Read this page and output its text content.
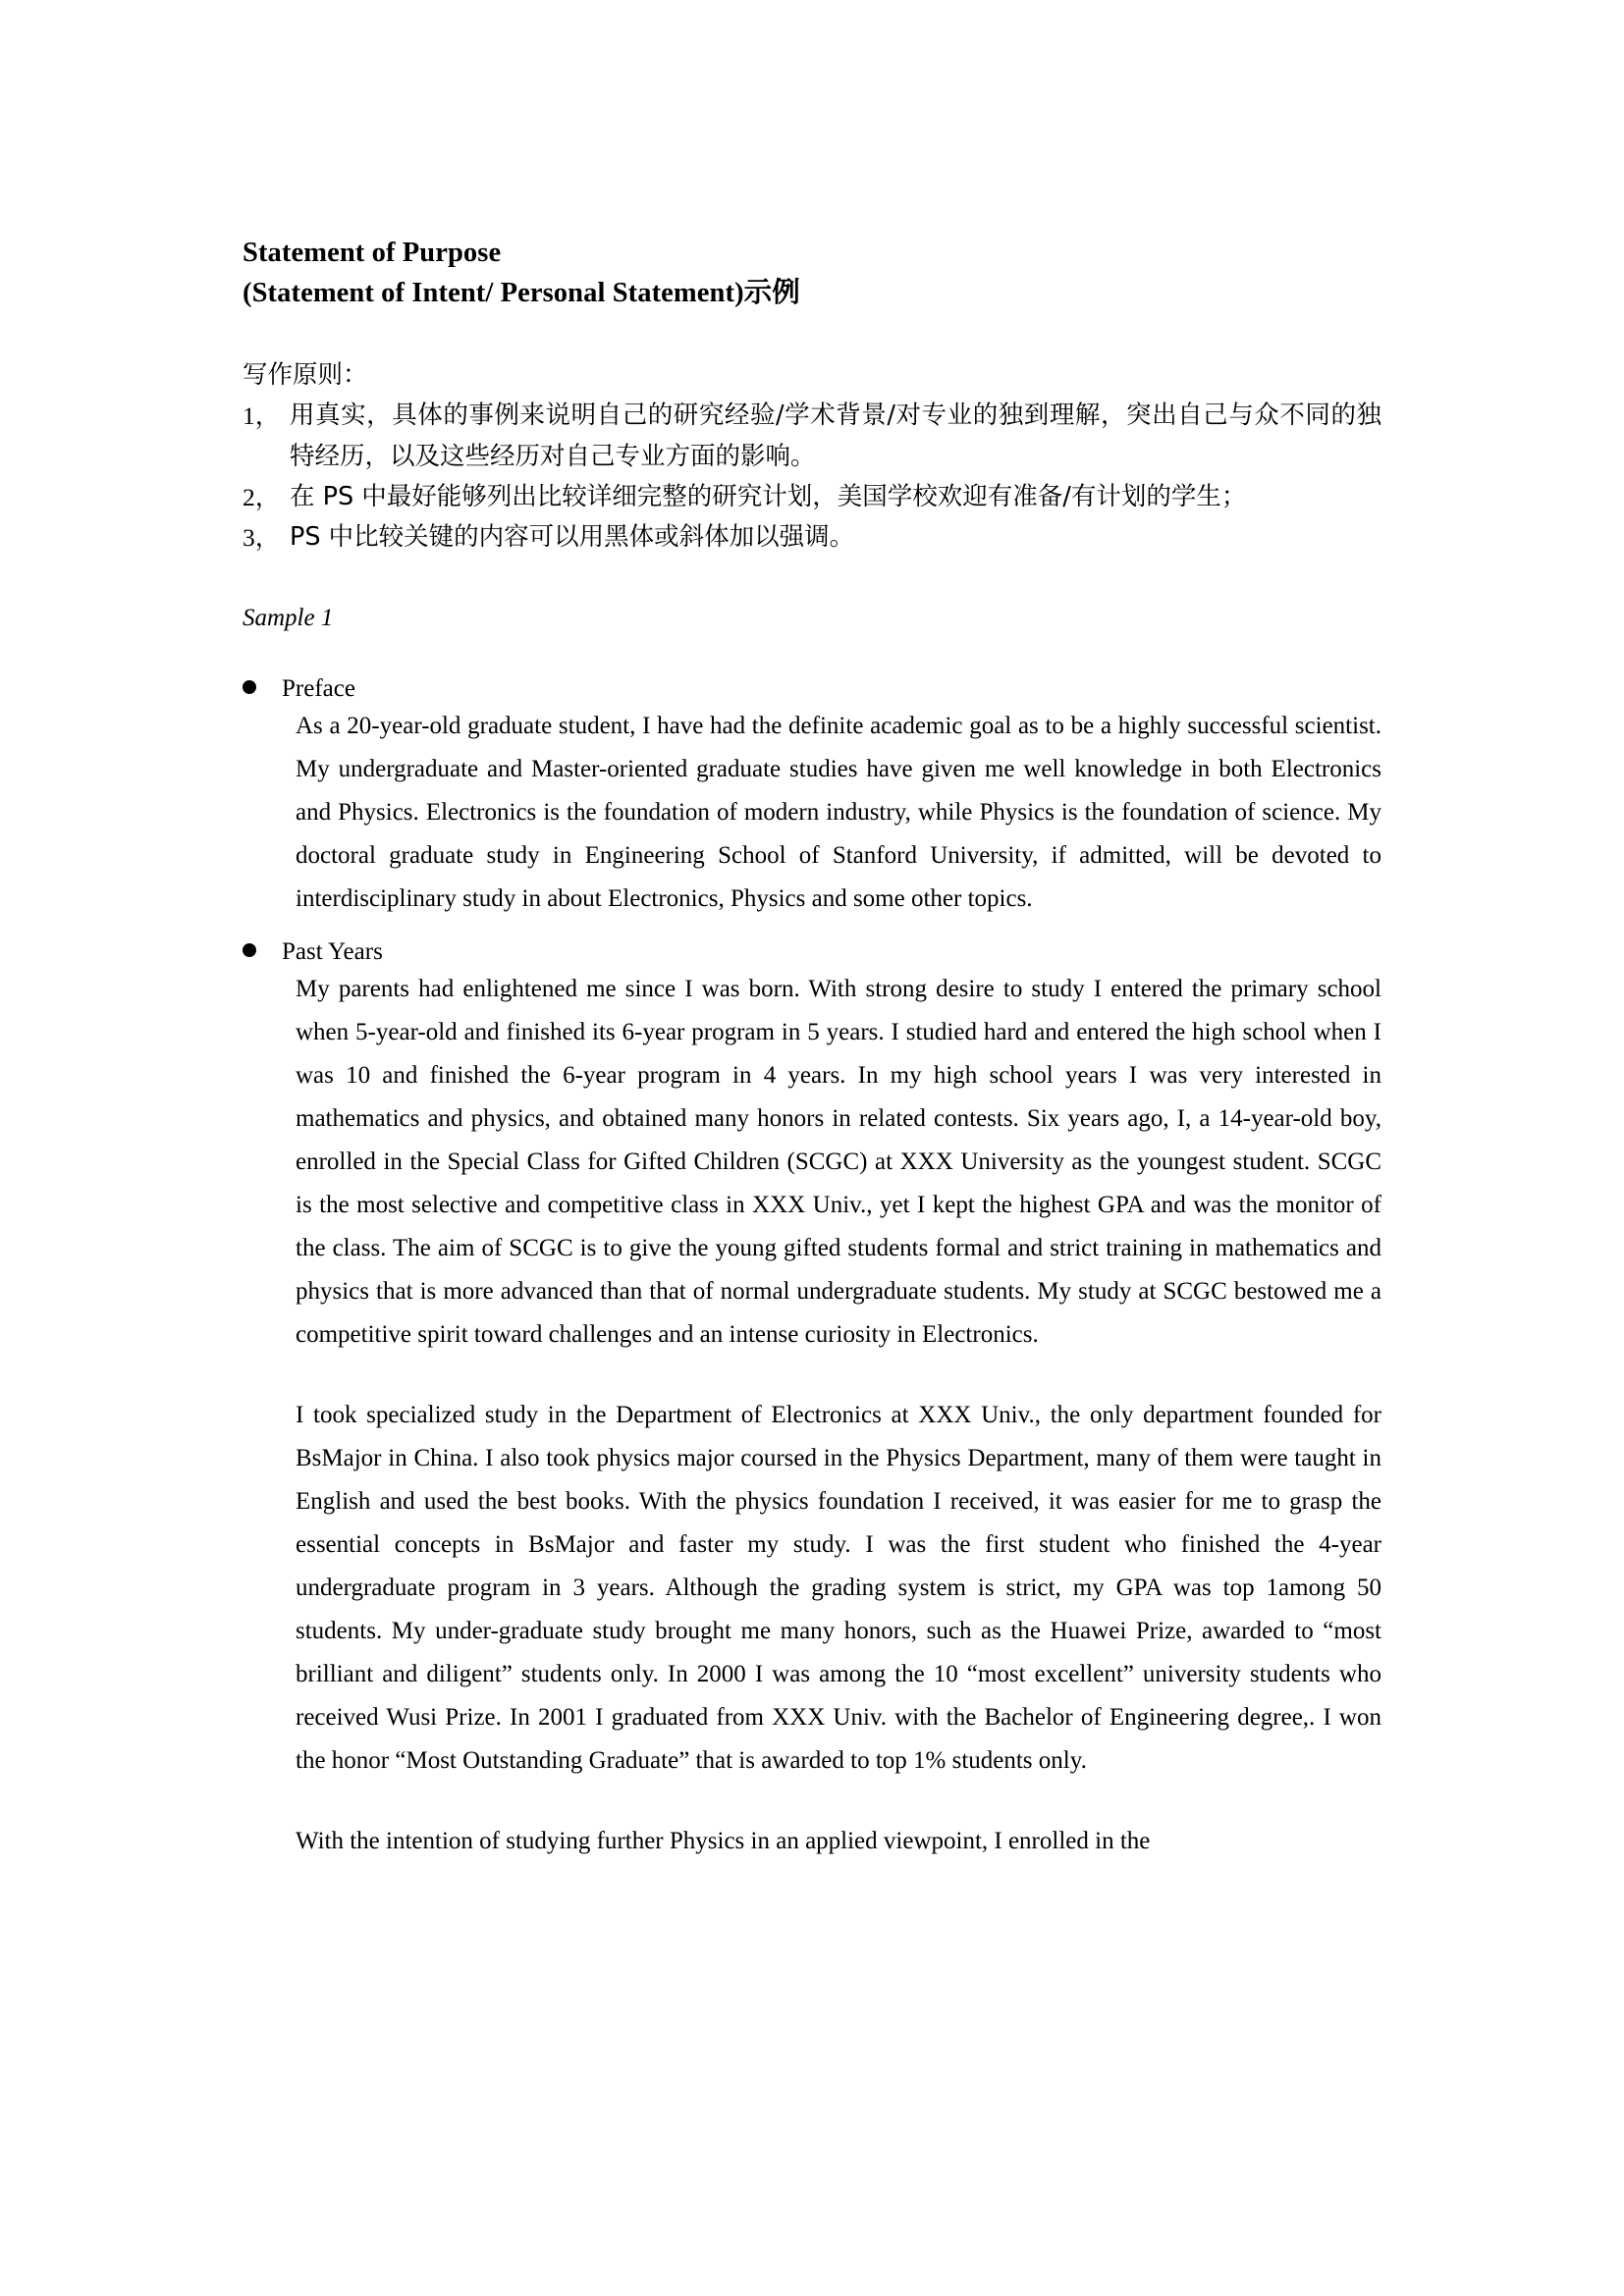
Statement of Purpose
(Statement of Intent/ Personal Statement)示例
写作原则：
1， 用真实，具体的事例来说明自己的研究经验/学术背景/对专业的独到理解，突出自己与众不同的独特经历，以及这些经历对自己专业方面的影响。
2， 在 PS 中最好能够列出比较详细完整的研究计划，美国学校欢迎有准备/有计划的学生；
3， PS 中比较关键的内容可以用黑体或斜体加以强调。
Sample 1
Preface
As a 20-year-old graduate student, I have had the definite academic goal as to be a highly successful scientist. My undergraduate and Master-oriented graduate studies have given me well knowledge in both Electronics and Physics. Electronics is the foundation of modern industry, while Physics is the foundation of science. My doctoral graduate study in Engineering School of Stanford University, if admitted, will be devoted to interdisciplinary study in about Electronics, Physics and some other topics.
Past Years
My parents had enlightened me since I was born. With strong desire to study I entered the primary school when 5-year-old and finished its 6-year program in 5 years. I studied hard and entered the high school when I was 10 and finished the 6-year program in 4 years. In my high school years I was very interested in mathematics and physics, and obtained many honors in related contests. Six years ago, I, a 14-year-old boy, enrolled in the Special Class for Gifted Children (SCGC) at XXX University as the youngest student. SCGC is the most selective and competitive class in XXX Univ., yet I kept the highest GPA and was the monitor of the class. The aim of SCGC is to give the young gifted students formal and strict training in mathematics and physics that is more advanced than that of normal undergraduate students. My study at SCGC bestowed me a competitive spirit toward challenges and an intense curiosity in Electronics.
I took specialized study in the Department of Electronics at XXX Univ., the only department founded for BsMajor in China. I also took physics major coursed in the Physics Department, many of them were taught in English and used the best books. With the physics foundation I received, it was easier for me to grasp the essential concepts in BsMajor and faster my study. I was the first student who finished the 4-year undergraduate program in 3 years. Although the grading system is strict, my GPA was top 1among 50 students. My under-graduate study brought me many honors, such as the Huawei Prize, awarded to “most brilliant and diligent” students only. In 2000 I was among the 10 “most excellent” university students who received Wusi Prize. In 2001 I graduated from XXX Univ. with the Bachelor of Engineering degree,. I won the honor “Most Outstanding Graduate” that is awarded to top 1% students only.
With the intention of studying further Physics in an applied viewpoint, I enrolled in the
